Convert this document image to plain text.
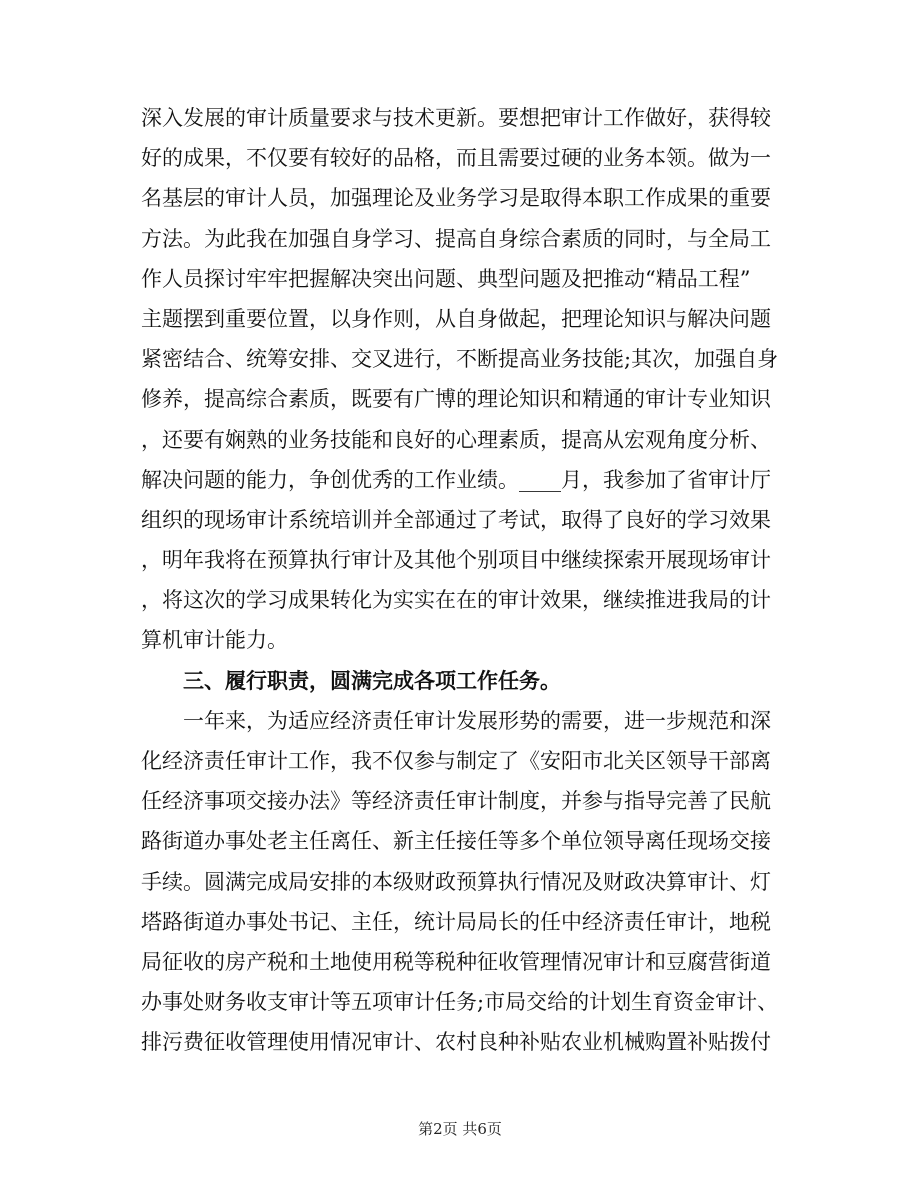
深入发展的审计质量要求与技术更新。要想把审计工作做好，获得较
好的成果，不仅要有较好的品格，而且需要过硬的业务本领。做为一
名基层的审计人员，加强理论及业务学习是取得本职工作成果的重要
方法。为此我在加强自身学习、提高自身综合素质的同时，与全局工
作人员探讨牢牢把握解决突出问题、典型问题及把推动“精品工程”
主题摆到重要位置，以身作则，从自身做起，把理论知识与解决问题
紧密结合、统筹安排、交叉进行，不断提高业务技能;其次，加强自身
修养，提高综合素质，既要有广博的理论知识和精通的审计专业知识
，还要有娴熟的业务技能和良好的心理素质，提高从宏观角度分析、
解决问题的能力，争创优秀的工作业绩。____月，我参加了省审计厅
组织的现场审计系统培训并全部通过了考试，取得了良好的学习效果
，明年我将在预算执行审计及其他个别项目中继续探索开展现场审计
，将这次的学习成果转化为实实在在的审计效果，继续推进我局的计
算机审计能力。
　　三、履行职责，圆满完成各项工作任务。
　　一年来，为适应经济责任审计发展形势的需要，进一步规范和深
化经济责任审计工作，我不仅参与制定了《安阳市北关区领导干部离
任经济事项交接办法》等经济责任审计制度，并参与指导完善了民航
路街道办事处老主任离任、新主任接任等多个单位领导离任现场交接
手续。圆满完成局安排的本级财政预算执行情况及财政决算审计、灯
塔路街道办事处书记、主任，统计局局长的任中经济责任审计，地税
局征收的房产税和土地使用税等税种征收管理情况审计和豆腐营街道
办事处财务收支审计等五项审计任务;市局交给的计划生育资金审计、
排污费征收管理使用情况审计、农村良种补贴农业机械购置补贴拨付
第2页 共6页
